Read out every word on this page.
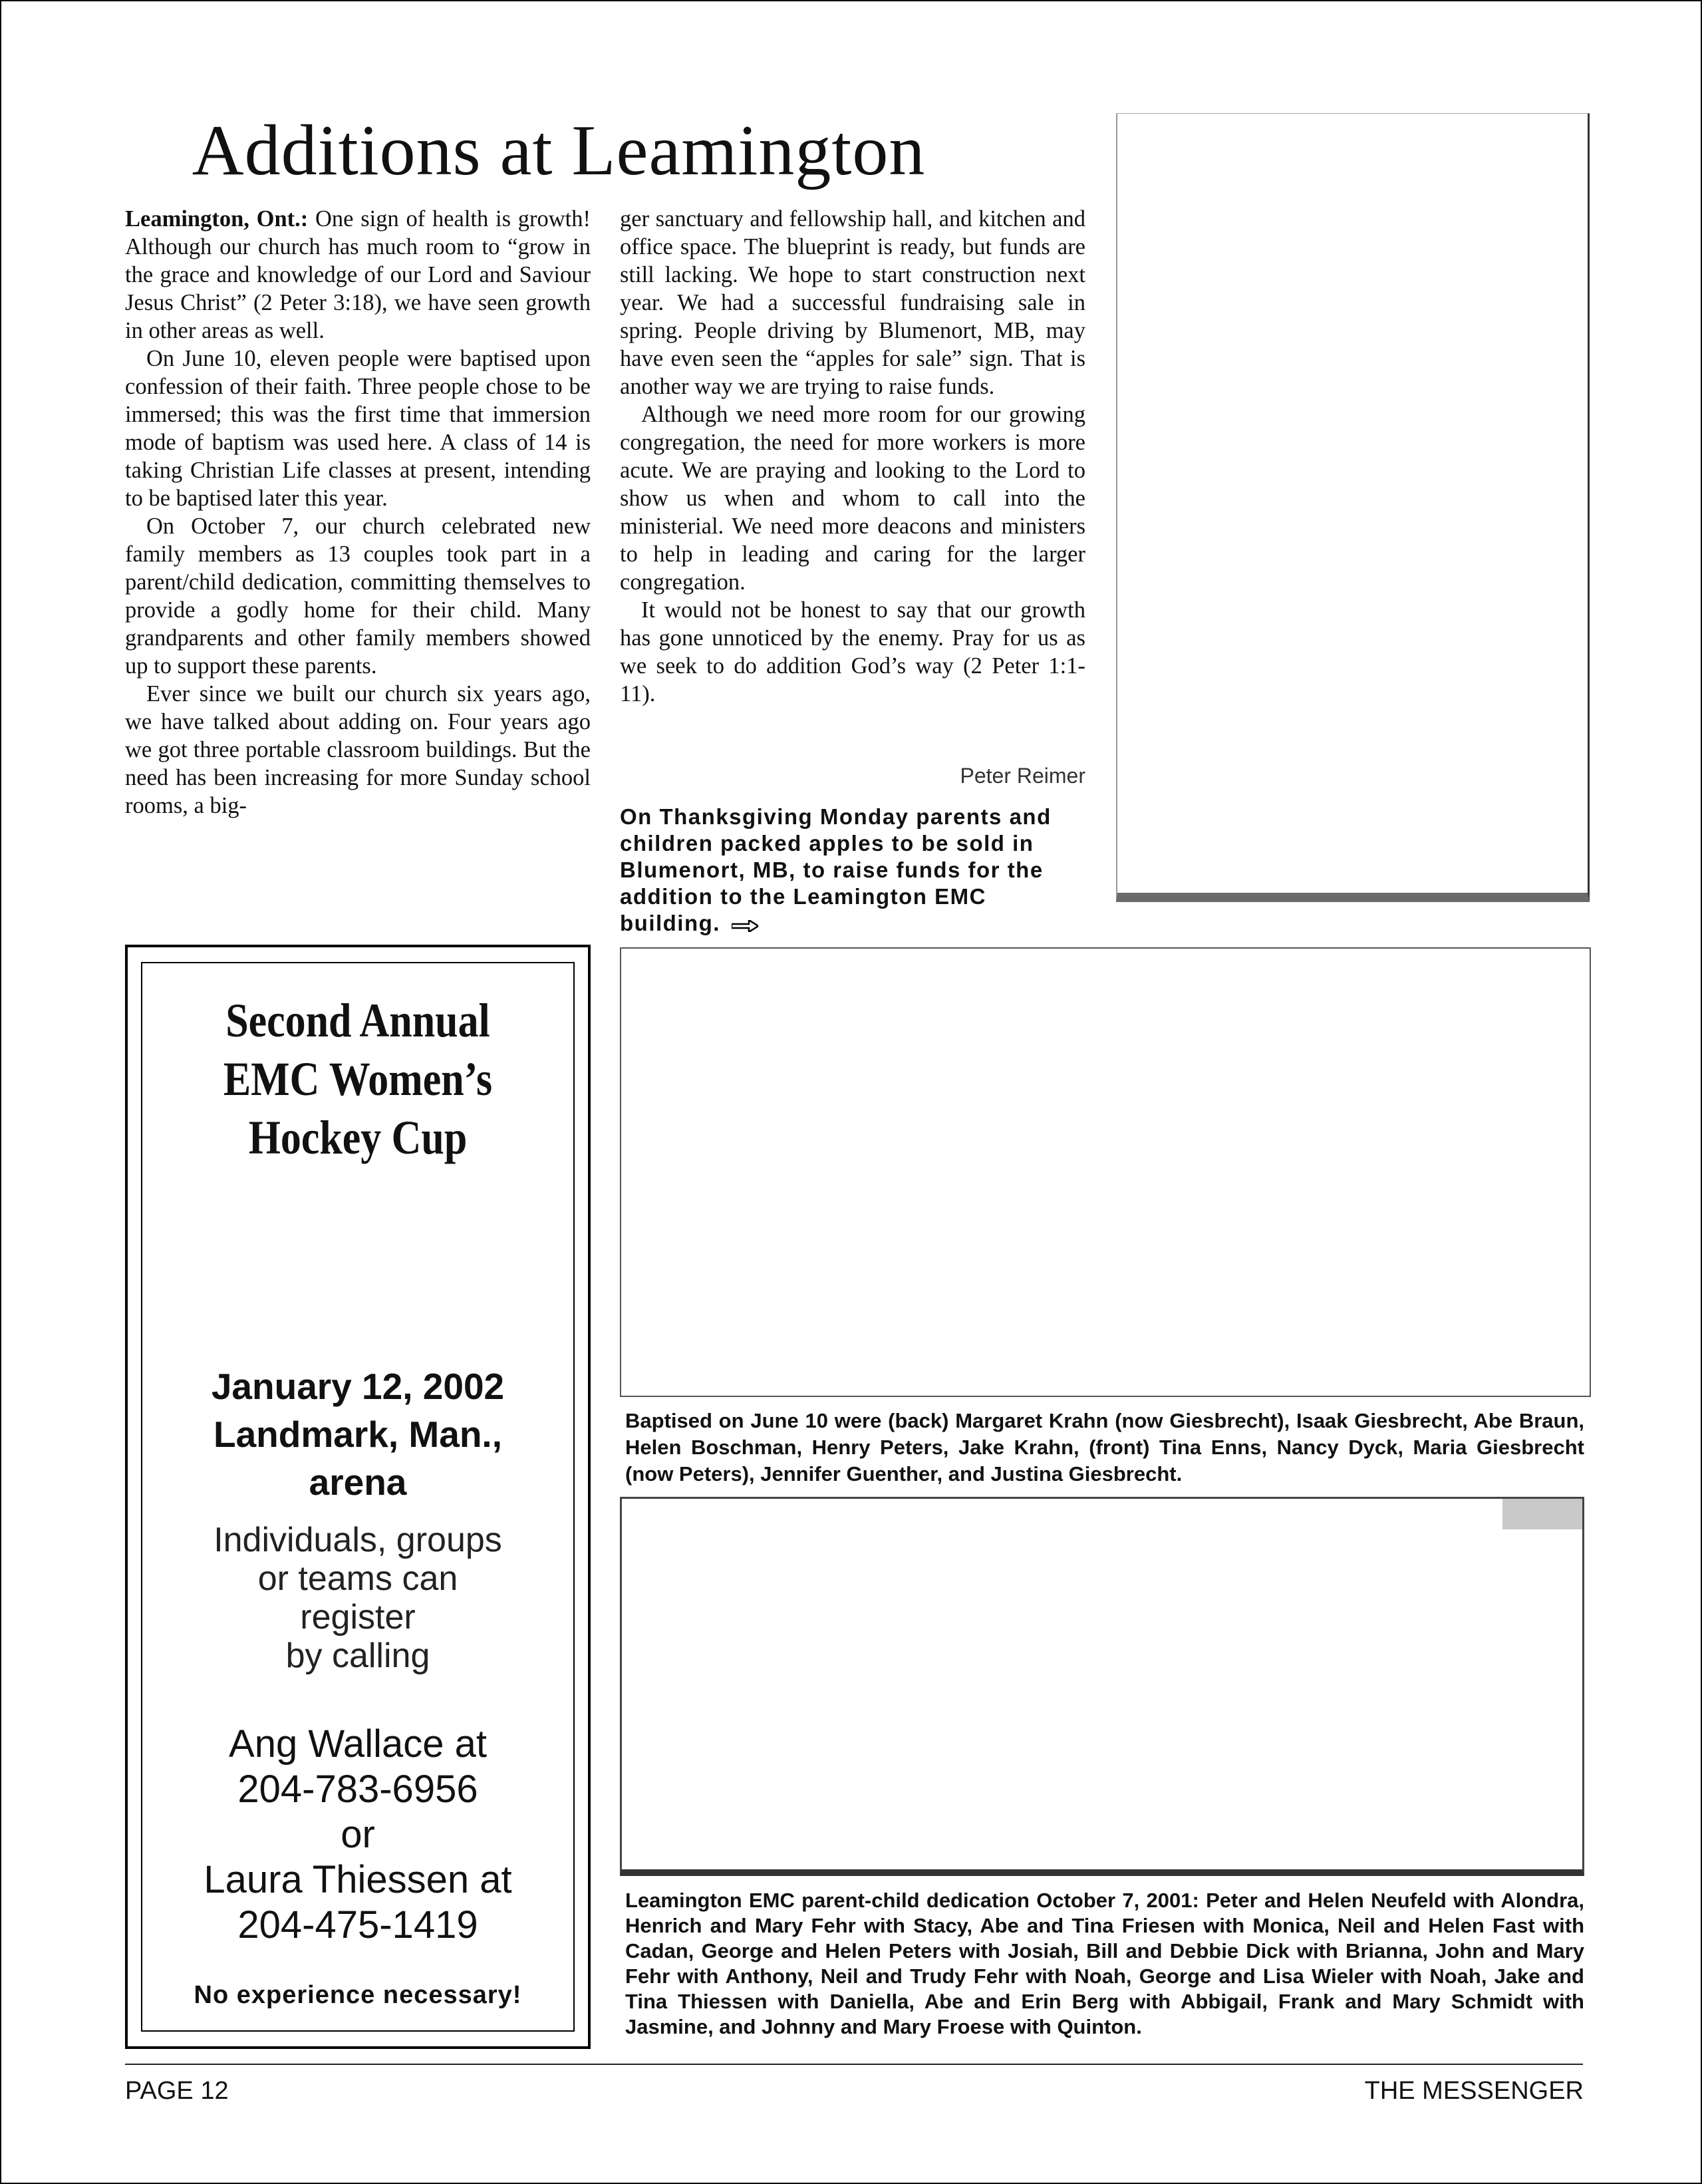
Additions at Leamington

Leamington, Ont.: One sign of health is growth! Although our church has much room to “grow in the grace and knowledge of our Lord and Saviour Jesus Christ” (2 Peter 3:18), we have seen growth in other areas as well.

On June 10, eleven people were baptised upon confession of their faith. Three people chose to be immersed; this was the first time that immersion mode of baptism was used here. A class of 14 is taking Christian Life classes at present, intending to be baptised later this year.

On October 7, our church celebrated new family members as 13 couples took part in a parent/child dedication, committing themselves to provide a godly home for their child. Many grandparents and other family members showed up to support these parents.

Ever since we built our church six years ago, we have talked about adding on. Four years ago we got three portable classroom buildings. But the need has been increasing for more Sunday school rooms, a big-

ger sanctuary and fellowship hall, and kitchen and office space. The blueprint is ready, but funds are still lacking. We hope to start construction next year. We had a successful fundraising sale in spring. People driving by Blumenort, MB, may have even seen the “apples for sale” sign. That is another way we are trying to raise funds.

Although we need more room for our growing congregation, the need for more workers is more acute. We are praying and looking to the Lord to show us when and whom to call into the ministerial. We need more deacons and ministers to help in leading and caring for the larger congregation.

It would not be honest to say that our growth has gone unnoticed by the enemy. Pray for us as we seek to do addition God’s way (2 Peter 1:1-11).

Peter Reimer
On Thanksgiving Monday parents and children packed apples to be sold in Blumenort, MB, to raise funds for the addition to the Leamington EMC building.
Baptised on June 10 were (back) Margaret Krahn (now Giesbrecht), Isaak Giesbrecht, Abe Braun, Helen Boschman, Henry Peters, Jake Krahn, (front) Tina Enns, Nancy Dyck, Maria Giesbrecht (now Peters), Jennifer Guenther, and Justina Giesbrecht.
Leamington EMC parent-child dedication October 7, 2001: Peter and Helen Neufeld with Alondra, Henrich and Mary Fehr with Stacy, Abe and Tina Friesen with Monica, Neil and Helen Fast with Cadan, George and Helen Peters with Josiah, Bill and Debbie Dick with Brianna, John and Mary Fehr with Anthony, Neil and Trudy Fehr with Noah, George and Lisa Wieler with Noah, Jake and Tina Thiessen with Daniella, Abe and Erin Berg with Abbigail, Frank and Mary Schmidt with Jasmine, and Johnny and Mary Froese with Quinton.
Second Annual
EMC Women’s
Hockey Cup
January 12, 2002
Landmark, Man.,
arena
Individuals, groups
or teams can
register
by calling
Ang Wallace at
204-783-6956
or
Laura Thiessen at
204-475-1419
No experience necessary!
PAGE 12	THE MESSENGER
